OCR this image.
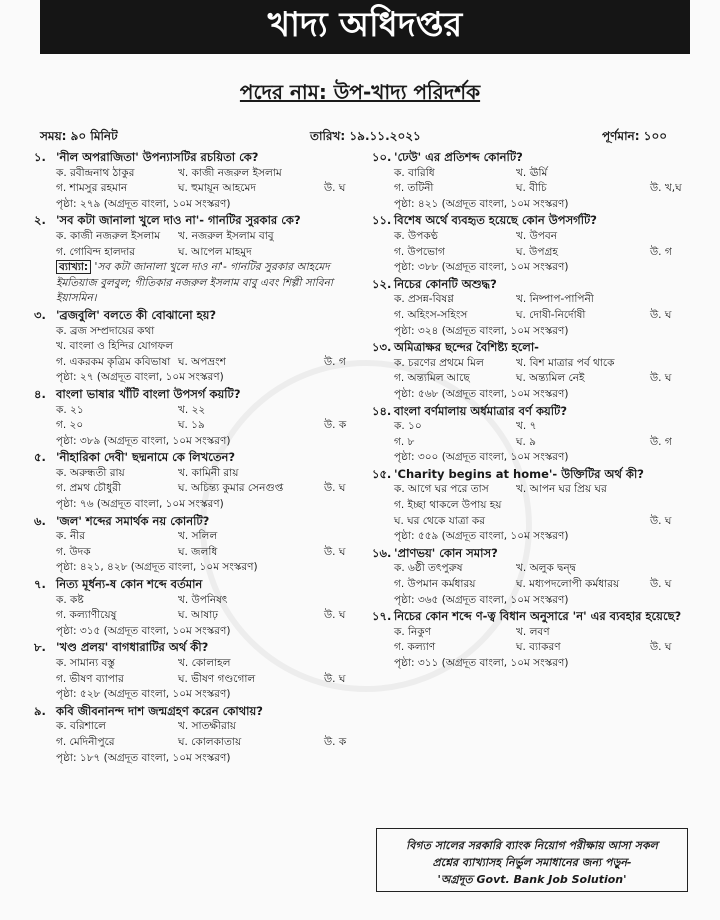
খাদ্য অধিদপ্তর
পদের নাম: উপ-খাদ্য পরিদর্শক
সময়: ৯০ মিনিট	তারিখ: ১৯.১১.২০২১	পূর্ণমান: ১০০
১. 'নীল অপরাজিতা' উপন্যাসটির রচয়িতা কে?
ক. রবীন্দ্রনাথ ঠাকুর	খ. কাজী নজরুল ইসলাম
গ. শামসুর রহমান	ঘ. হুমায়ূন আহমেদ	উ. ঘ
পৃষ্ঠা: ২৭৯ (অগ্রদূত বাংলা, ১০ম সংস্করণ)
২. 'সব কটা জানালা খুলে দাও না'- গানটির সুরকার কে?
ক. কাজী নজরুল ইসলাম	খ. নজরুল ইসলাম বাবু
গ. গোবিন্দ হালদার	ঘ. আপেল মাহমুদ
ব্যাখ্যা: 'সব কটা জানালা খুলে দাও না'- গানটির সুরকার আহমেদ ইমতিয়াজ বুলবুল; গীতিকার নজরুল ইসলাম বাবু এবং শিল্পী সাবিনা ইয়াসমিন।
৩. 'ব্রজবুলি' বলতে কী বোঝানো হয়?
ক. ব্রজ সম্প্রদায়ের কথা
খ. বাংলা ও হিন্দির যোগফল
গ. একরকম কৃত্রিম কবিভাষা ঘ. অপভ্রংশ	উ. গ
পৃষ্ঠা: ২৭ (অগ্রদূত বাংলা, ১০ম সংস্করণ)
৪. বাংলা ভাষার খাঁটি বাংলা উপসর্গ কয়টি?
ক. ২১	খ. ২২
গ. ২০	ঘ. ১৯	উ. ক
পৃষ্ঠা: ৩৮৯ (অগ্রদূত বাংলা, ১০ম সংস্করণ)
৫. 'নীহারিকা দেবী' ছদ্মনামে কে লিখতেন?
ক. অরুন্ধতী রায়	খ. কামিনী রায়
গ. প্রমথ চৌধুরী	ঘ. অচিন্ত্য কুমার সেনগুপ্ত	উ. ঘ
পৃষ্ঠা: ৭৬ (অগ্রদূত বাংলা, ১০ম সংস্করণ)
৬. 'জল' শব্দের সমার্থক নয় কোনটি?
ক. নীর	খ. সলিল
গ. উদক	ঘ. জলধি	উ. ঘ
পৃষ্ঠা: ৪২১, ৪২৮ (অগ্রদূত বাংলা, ১০ম সংস্করণ)
৭. নিত্য মূর্ধন্য-ষ কোন শব্দে বর্তমান
ক. কষ্ট	খ. উপনিষৎ
গ. কল্যাণীয়েষু	ঘ. আষাঢ়	উ. ঘ
পৃষ্ঠা: ৩১৫ (অগ্রদূত বাংলা, ১০ম সংস্করণ)
৮. 'খণ্ড প্রলয়' বাগধারাটির অর্থ কী?
ক. সামান্য বস্তু	খ. কোলাহল
গ. ভীষণ ব্যাপার	ঘ. ভীষণ গণ্ডগোল	উ. ঘ
পৃষ্ঠা: ৫২৮ (অগ্রদূত বাংলা, ১০ম সংস্করণ)
৯. কবি জীবনানন্দ দাশ জন্মগ্রহণ করেন কোথায়?
ক. বরিশালে	খ. সাতক্ষীরায়
গ. মেদিনীপুরে	ঘ. কোলকাতায়	উ. ক
পৃষ্ঠা: ১৮৭ (অগ্রদূত বাংলা, ১০ম সংস্করণ)
১০. 'ঢেউ' এর প্রতিশব্দ কোনটি?
ক. বারিধি	খ. ঊর্মি
গ. তটিনী	ঘ. বীচি	উ. খ,ঘ
পৃষ্ঠা: ৪২১ (অগ্রদূত বাংলা, ১০ম সংস্করণ)
১১. বিশেষ অর্থে ব্যবহৃত হয়েছে কোন উপসর্গটি?
ক. উপকণ্ঠ	খ. উপবন
গ. উপভোগ	ঘ. উপগ্রহ	উ. গ
পৃষ্ঠা: ৩৮৮ (অগ্রদূত বাংলা, ১০ম সংস্করণ)
১২. নিচের কোনটি অশুদ্ধ?
ক. প্রসন্ন-বিষণ্ণ	খ. নিষ্পাপ-পাপিনী
গ. অহিংস-সহিংস	ঘ. দোষী-নির্দোষী	উ. ঘ
পৃষ্ঠা: ৩২৪ (অগ্রদূত বাংলা, ১০ম সংস্করণ)
১৩. অমিত্রাক্ষর ছন্দের বৈশিষ্ট্য হলো-
ক. চরণের প্রথমে মিল	খ. বিশ মাত্রার পর্ব থাকে
গ. অন্ত্যমিল আছে	ঘ. অন্ত্যমিল নেই	উ. ঘ
পৃষ্ঠা: ৫৬৮ (অগ্রদূত বাংলা, ১০ম সংস্করণ)
১৪. বাংলা বর্ণমালায় অর্ধমাত্রার বর্ণ কয়টি?
ক. ১০	খ. ৭
গ. ৮	ঘ. ৯	উ. গ
পৃষ্ঠা: ৩০০ (অগ্রদূত বাংলা, ১০ম সংস্করণ)
১৫. 'Charity begins at home'- উক্তিটির অর্থ কী?
ক. আগে ঘর পরে তাস	খ. আপন ঘর প্রিয় ঘর
গ. ইচ্ছা থাকলে উপায় হয়
ঘ. ঘর থেকে যাত্রা কর	উ. ঘ
পৃষ্ঠা: ৫৫৯ (অগ্রদূত বাংলা, ১০ম সংস্করণ)
১৬. 'প্রাণভয়' কোন সমাস?
ক. ৬ষ্ঠী তৎপুরুষ	খ. অলুক দ্বন্দ্ব
গ. উপমান কর্মধারয়	ঘ. মধ্যপদলোপী কর্মধারয়	উ. ঘ
পৃষ্ঠা: ৩৬৫ (অগ্রদূত বাংলা, ১০ম সংস্করণ)
১৭. নিচের কোন শব্দে ণ-ত্ব বিধান অনুসারে 'ন' এর ব্যবহার হয়েছে?
ক. নিকুণ	খ. লবণ
গ. কল্যাণ	ঘ. ব্যাকরণ	উ. ঘ
পৃষ্ঠা: ৩১১ (অগ্রদূত বাংলা, ১০ম সংস্করণ)
বিগত সালের সরকারি ব্যাংক নিয়োগ পরীক্ষায় আসা সকল
প্রশ্নের ব্যাখ্যাসহ নির্ভুল সমাধানের জন্য পড়ুন-
'অগ্রদূত Govt. Bank Job Solution'
